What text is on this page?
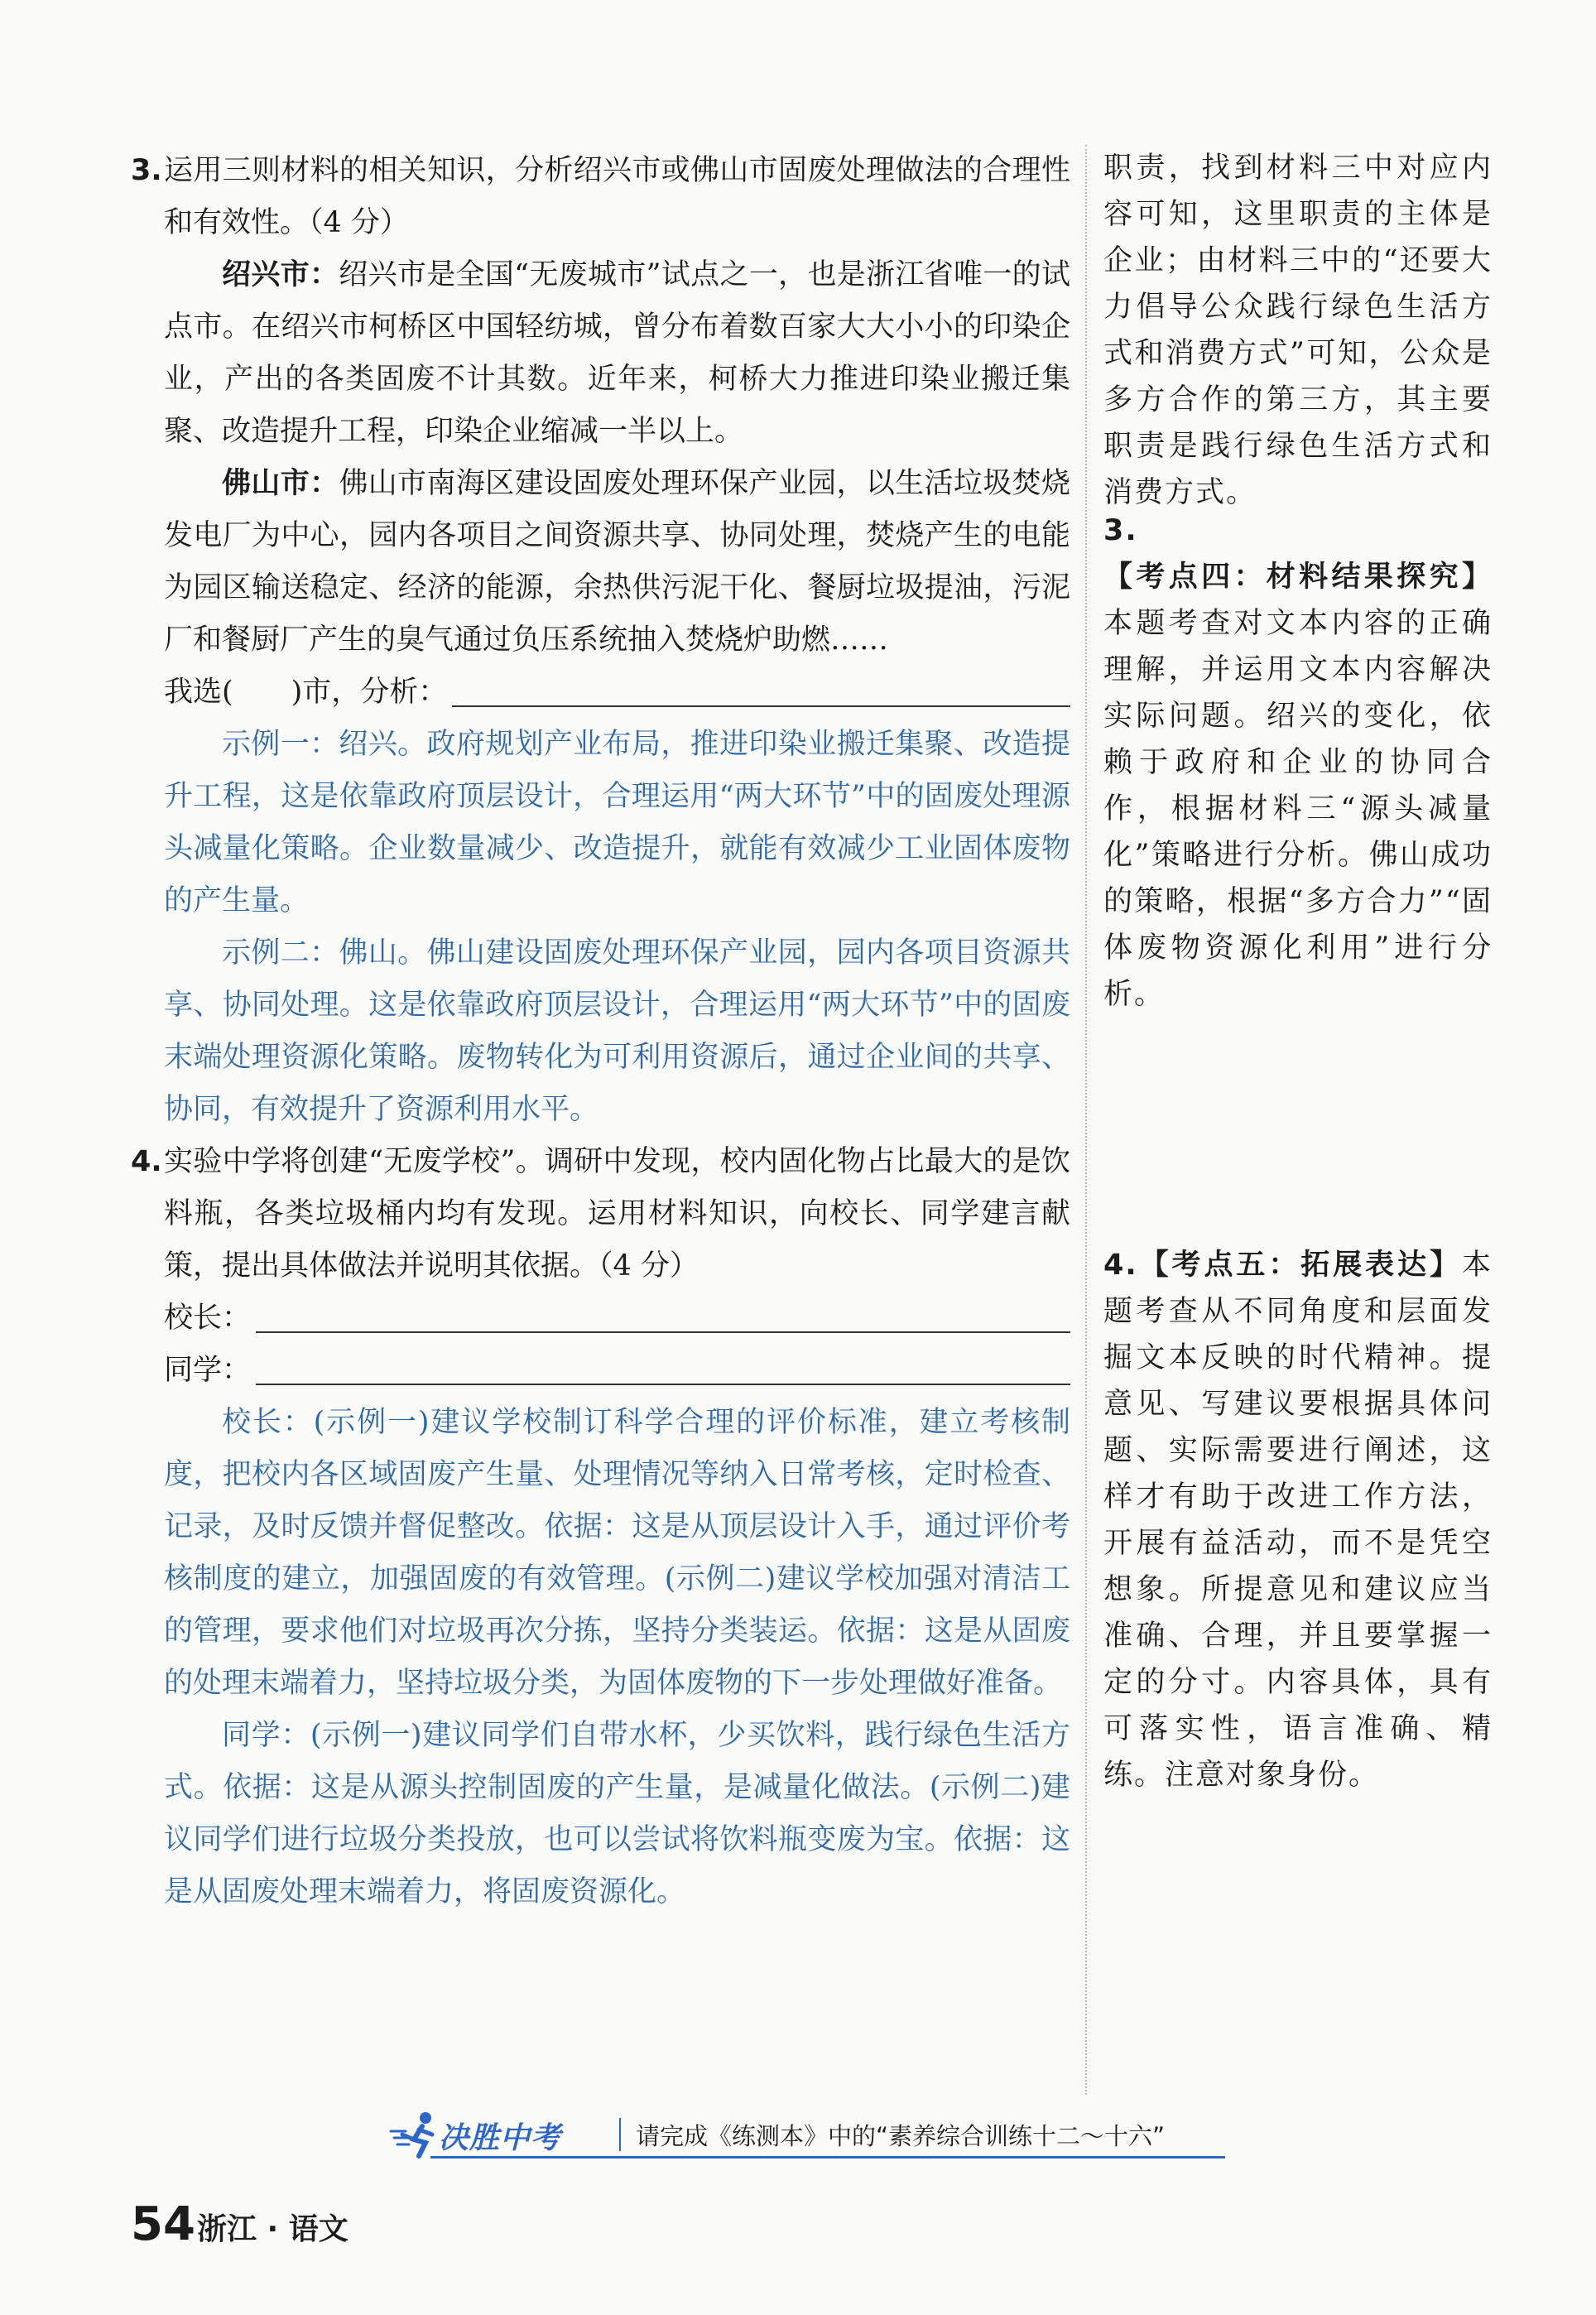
3. 运用三则材料的相关知识，分析绍兴市或佛山市固废处理做法的合理性和有效性。（4 分）

绍兴市：绍兴市是全国“无废城市”试点之一，也是浙江省唯一的试点市。在绍兴市柯桥区中国轻纺城，曾分布着数百家大大小小的印染企业，产出的各类固废不计其数。近年来，柯桥大力推进印染业搬迁集聚、改造提升工程，印染企业缩减一半以上。

佛山市：佛山市南海区建设固废处理环保产业园，以生活垃圾焚烧发电厂为中心，园内各项目之间资源共享、协同处理，焚烧产生的电能为园区输送稳定、经济的能源，余热供污泥干化、餐厨垃圾提油，污泥厂和餐厨厂产生的臭气通过负压系统抽入焚烧炉助燃……

我选( )市，分析：

示例一：绍兴。政府规划产业布局，推进印染业搬迁集聚、改造提升工程，这是依靠政府顶层设计，合理运用“两大环节”中的固废处理源头减量化策略。企业数量减少、改造提升，就能有效减少工业固体废物的产生量。

示例二：佛山。佛山建设固废处理环保产业园，园内各项目资源共享、协同处理。这是依靠政府顶层设计，合理运用“两大环节”中的固废末端处理资源化策略。废物转化为可利用资源后，通过企业间的共享、协同，有效提升了资源利用水平。

4. 实验中学将创建“无废学校”。调研中发现，校内固化物占比最大的是饮料瓶，各类垃圾桶内均有发现。运用材料知识，向校长、同学建言献策，提出具体做法并说明其依据。（4 分）

校长：
同学：

校长：(示例一)建议学校制订科学合理的评价标准，建立考核制度，把校内各区域固废产生量、处理情况等纳入日常考核，定时检查、记录，及时反馈并督促整改。依据：这是从顶层设计入手，通过评价考核制度的建立，加强固废的有效管理。(示例二)建议学校加强对清洁工的管理，要求他们对垃圾再次分拣，坚持分类装运。依据：这是从固废的处理末端着力，坚持垃圾分类，为固体废物的下一步处理做好准备。

同学：(示例一)建议同学们自带水杯，少买饮料，践行绿色生活方式。依据：这是从源头控制固废的产生量，是减量化做法。(示例二)建议同学们进行垃圾分类投放，也可以尝试将饮料瓶变废为宝。依据：这是从固废处理末端着力，将固废资源化。

职责，找到材料三中对应内容可知，这里职责的主体是企业；由材料三中的“还要大力倡导公众践行绿色生活方式和消费方式”可知，公众是多方合作的第三方，其主要职责是践行绿色生活方式和消费方式。

3.【考点四：材料结果探究】本题考查对文本内容的正确理解，并运用文本内容解决实际问题。绍兴的变化，依赖于政府和企业的协同合作，根据材料三“源头减量化”策略进行分析。佛山成功的策略，根据“多方合力”“固体废物资源化利用”进行分析。

4.【考点五：拓展表达】本题考查从不同角度和层面发掘文本反映的时代精神。提意见、写建议要根据具体问题、实际需要进行阐述，这样才有助于改进工作方法，开展有益活动，而不是凭空想象。所提意见和建议应当准确、合理，并且要掌握一定的分寸。内容具体，具有可落实性，语言准确、精练。注意对象身份。

决胜中考	请完成《练测本》中的“素养综合训练十二～十六”
54 浙江 · 语文
